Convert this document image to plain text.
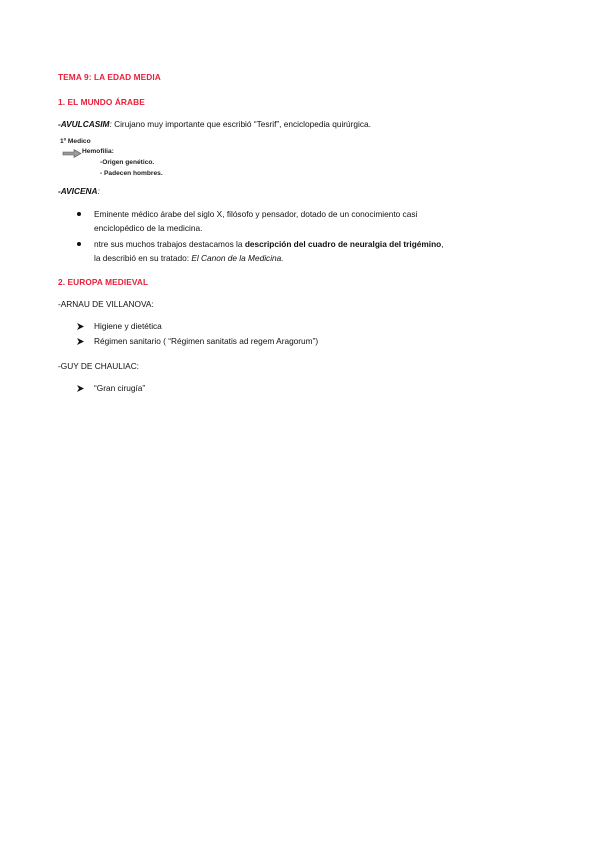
TEMA 9: LA EDAD MEDIA
1. EL MUNDO ÁRABE
-AVULCASIM: Cirujano muy importante que escribió “Tesrif”, enciclopedia quirúrgica.
1º Medico
Hemofilia:
-Origen genético.
- Padecen hombres.
-AVICENA:
Eminente médico árabe del siglo X, filósofo y pensador, dotado de un conocimiento casi
enciclopédico de la medicina.
ntre sus muchos trabajos destacamos la descripción del cuadro de neuralgia del trigémino,
la describió en su tratado: El Canon de la Medicina.
2. EUROPA MEDIEVAL
-ARNAU DE VILLANOVA:
Higiene y dietética
Régimen sanitario ( “Régimen sanitatis ad regem Aragorum”)
-GUY DE CHAULIAC:
“Gran cirugía”
